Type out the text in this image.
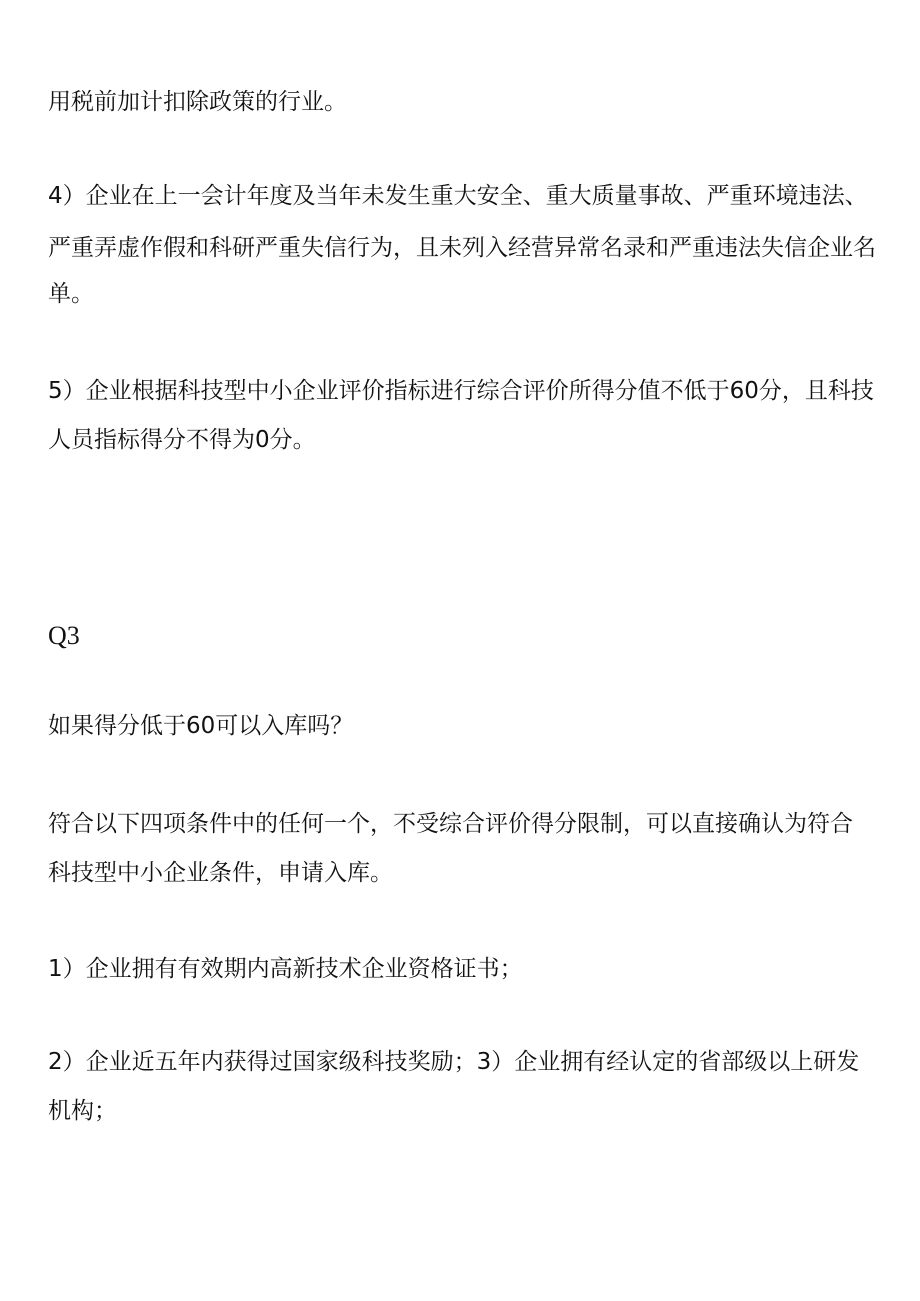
用税前加计扣除政策的行业。
4）企业在上一会计年度及当年未发生重大安全、重大质量事故、严重环境违法、
严重弄虚作假和科研严重失信行为，且未列入经营异常名录和严重违法失信企业名
单。
5）企业根据科技型中小企业评价指标进行综合评价所得分值不低于60分，且科技
人员指标得分不得为0分。
Q3
如果得分低于60可以入库吗？
符合以下四项条件中的任何一个，不受综合评价得分限制，可以直接确认为符合
科技型中小企业条件，申请入库。
1）企业拥有有效期内高新技术企业资格证书；
2）企业近五年内获得过国家级科技奖励；3）企业拥有经认定的省部级以上研发
机构；
